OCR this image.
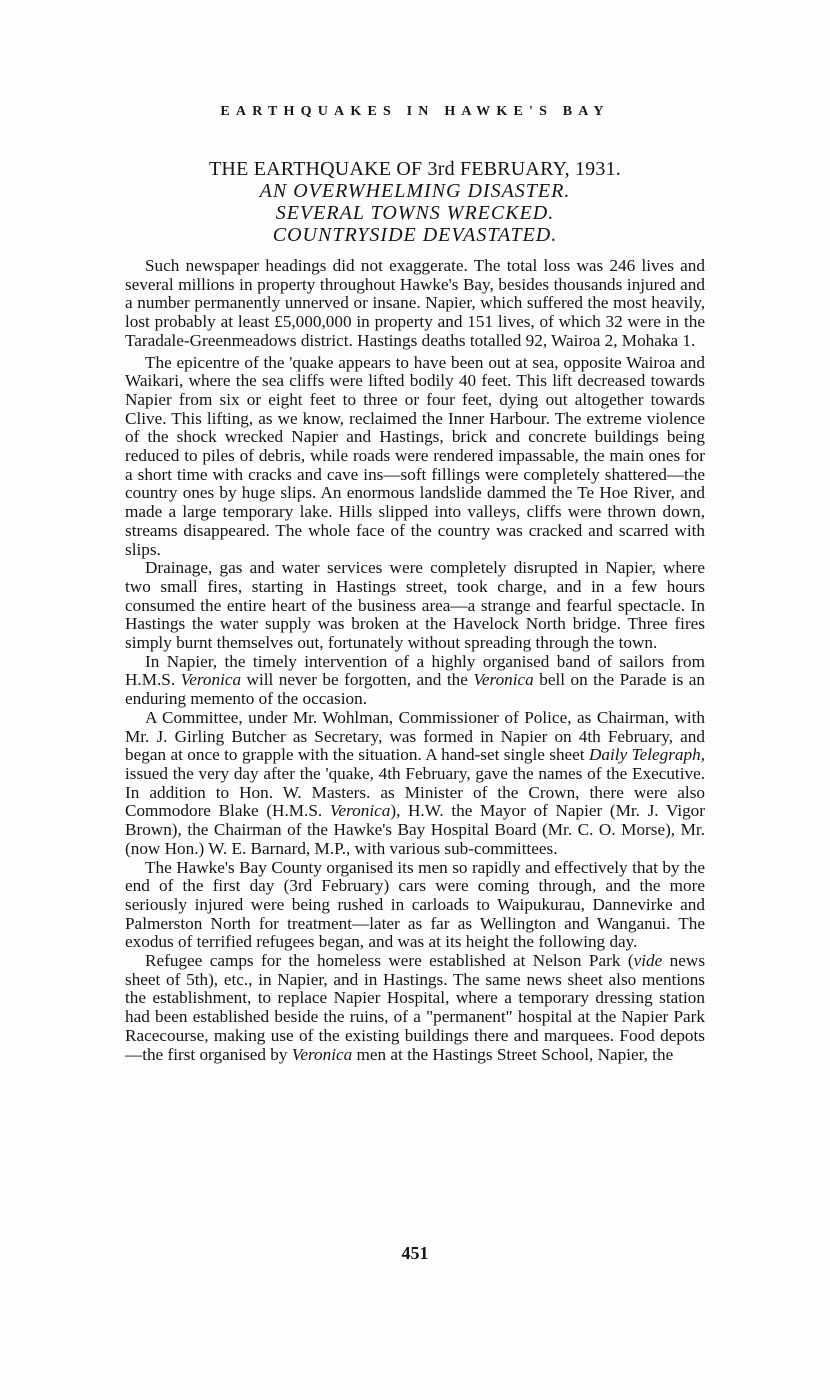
EARTHQUAKES IN HAWKE'S BAY
THE EARTHQUAKE OF 3rd FEBRUARY, 1931.
AN OVERWHELMING DISASTER.
SEVERAL TOWNS WRECKED.
COUNTRYSIDE DEVASTATED.

Such newspaper headings did not exaggerate. The total loss was 246 lives and several millions in property throughout Hawke's Bay, besides thousands injured and a number permanently unnerved or insane. Napier, which suffered the most heavily, lost probably at least £5,000,000 in property and 151 lives, of which 32 were in the Taradale-Greenmeadows district. Hastings deaths totalled 92, Wairoa 2, Mohaka 1.

The epicentre of the 'quake appears to have been out at sea, opposite Wairoa and Waikari, where the sea cliffs were lifted bodily 40 feet. This lift decreased towards Napier from six or eight feet to three or four feet, dying out altogether towards Clive. This lifting, as we know, reclaimed the Inner Harbour. The extreme violence of the shock wrecked Napier and Hastings, brick and concrete buildings being reduced to piles of debris, while roads were rendered impassable, the main ones for a short time with cracks and cave ins—soft fillings were completely shattered—the country ones by huge slips. An enormous landslide dammed the Te Hoe River, and made a large temporary lake. Hills slipped into valleys, cliffs were thrown down, streams disappeared. The whole face of the country was cracked and scarred with slips.

Drainage, gas and water services were completely disrupted in Napier, where two small fires, starting in Hastings street, took charge, and in a few hours consumed the entire heart of the business area—a strange and fearful spectacle. In Hastings the water supply was broken at the Havelock North bridge. Three fires simply burnt themselves out, fortunately without spreading through the town.

In Napier, the timely intervention of a highly organised band of sailors from H.M.S. Veronica will never be forgotten, and the Veronica bell on the Parade is an enduring memento of the occasion.

A Committee, under Mr. Wohlman, Commissioner of Police, as Chairman, with Mr. J. Girling Butcher as Secretary, was formed in Napier on 4th February, and began at once to grapple with the situation. A hand-set single sheet Daily Telegraph, issued the very day after the 'quake, 4th February, gave the names of the Executive. In addition to Hon. W. Masters. as Minister of the Crown, there were also Commodore Blake (H.M.S. Veronica), H.W. the Mayor of Napier (Mr. J. Vigor Brown), the Chairman of the Hawke's Bay Hospital Board (Mr. C. O. Morse), Mr. (now Hon.) W. E. Barnard, M.P., with various sub-committees.

The Hawke's Bay County organised its men so rapidly and effectively that by the end of the first day (3rd February) cars were coming through, and the more seriously injured were being rushed in carloads to Waipukurau, Dannevirke and Palmerston North for treatment—later as far as Wellington and Wanganui. The exodus of terrified refugees began, and was at its height the following day.

Refugee camps for the homeless were established at Nelson Park (vide news sheet of 5th), etc., in Napier, and in Hastings. The same news sheet also mentions the establishment, to replace Napier Hospital, where a temporary dressing station had been established beside the ruins, of a "permanent" hospital at the Napier Park Racecourse, making use of the existing buildings there and marquees. Food depots—the first organised by Veronica men at the Hastings Street School, Napier, the

451
